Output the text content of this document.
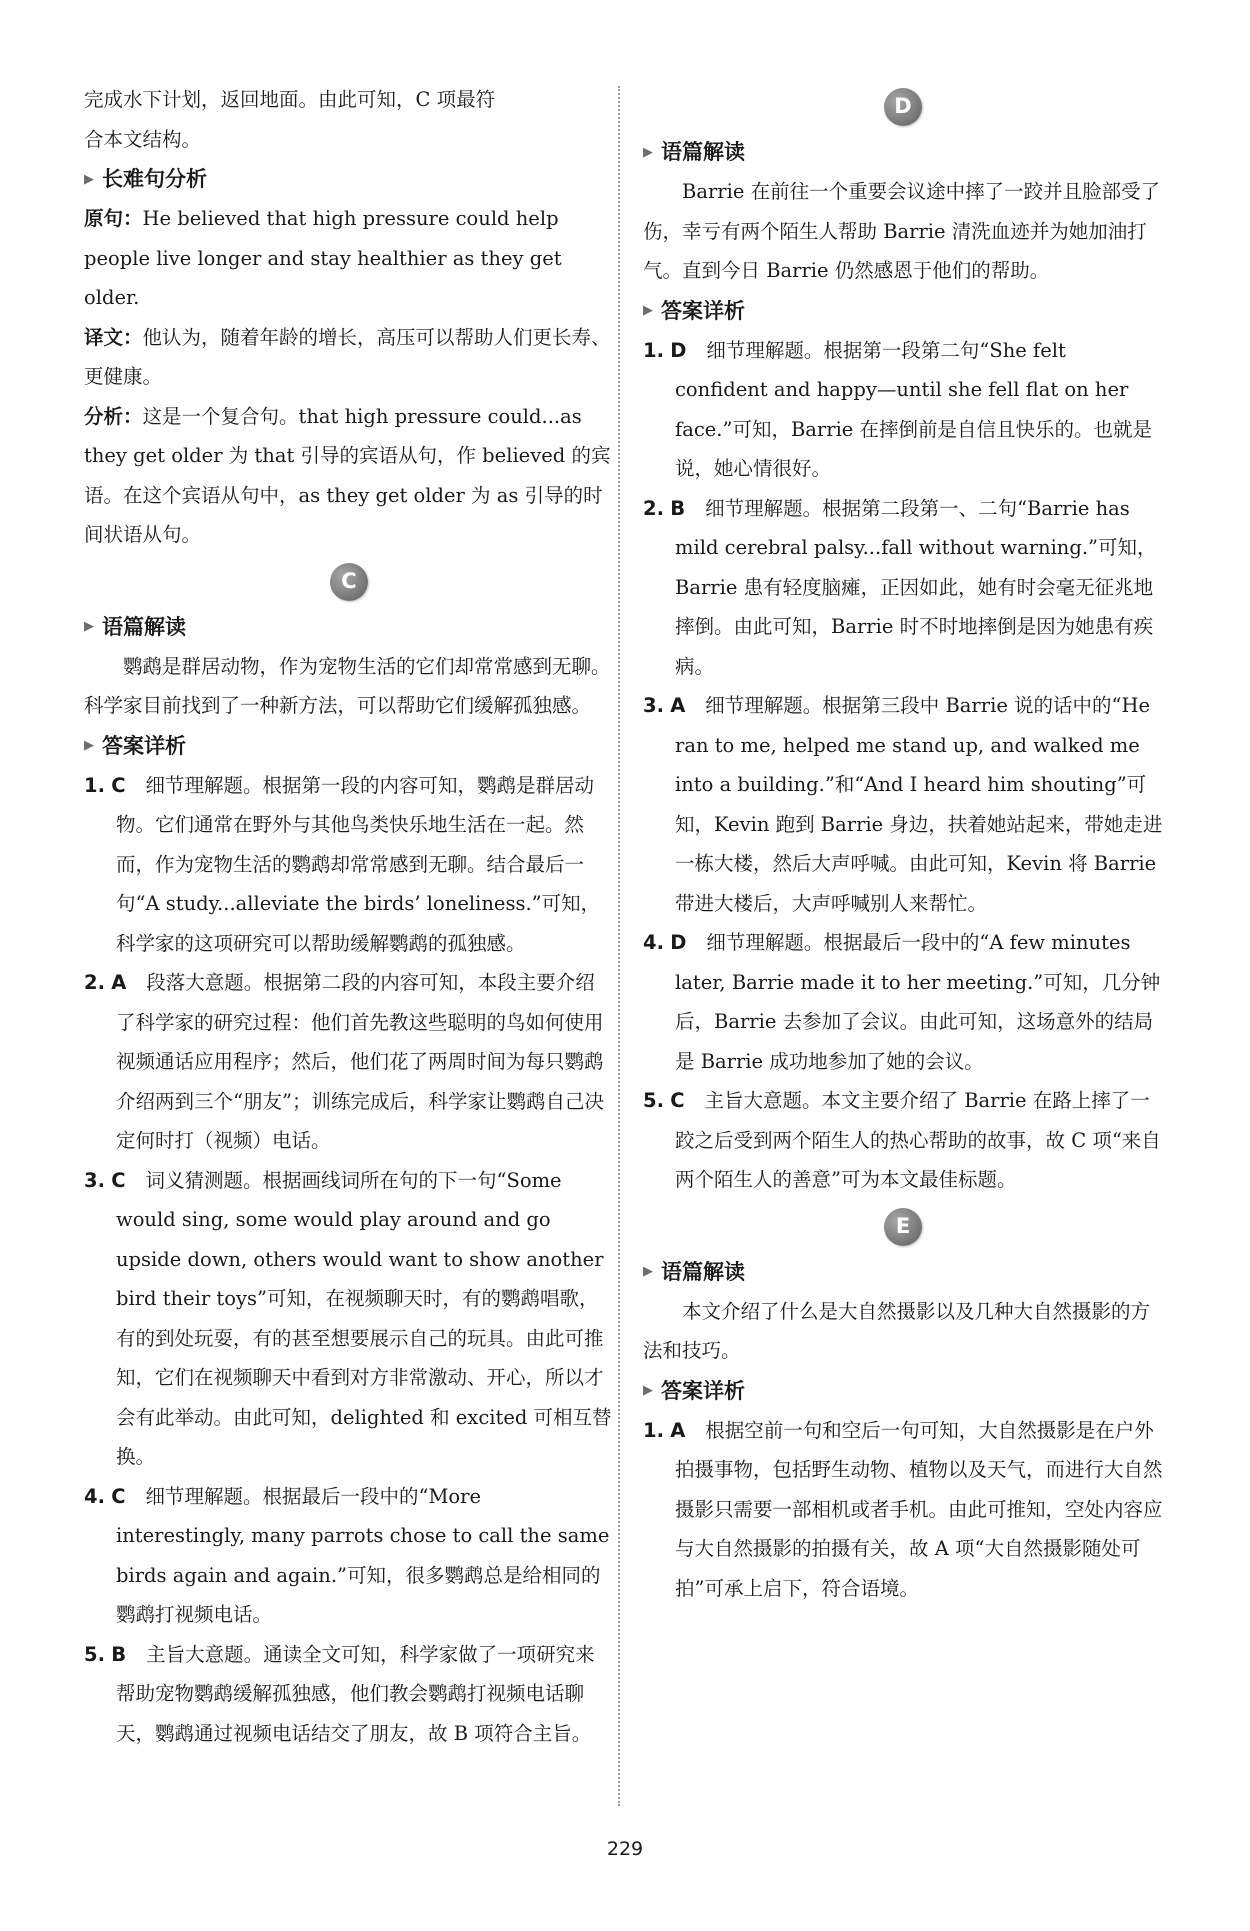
完成水下计划，返回地面。由此可知，C 项最符

合本文结构。

▶ 长难句分析

原句：He believed that high pressure could help people live longer and stay healthier as they get older.

译文：他认为，随着年龄的增长，高压可以帮助人们更长寿、更健康。

分析：这是一个复合句。that high pressure could...as they get older 为 that 引导的宾语从句，作 believed 的宾语。在这个宾语从句中，as they get older 为 as 引导的时间状语从句。

C
▶ 语篇解读

鹦鹉是群居动物，作为宠物生活的它们却常常感到无聊。科学家目前找到了一种新方法，可以帮助它们缓解孤独感。

▶ 答案详析

1. C 细节理解题。根据第一段的内容可知，鹦鹉是群居动物。它们通常在野外与其他鸟类快乐地生活在一起。然而，作为宠物生活的鹦鹉却常常感到无聊。结合最后一句“A study...alleviate the birds’ loneliness.”可知，科学家的这项研究可以帮助缓解鹦鹉的孤独感。

2. A 段落大意题。根据第二段的内容可知，本段主要介绍了科学家的研究过程：他们首先教这些聪明的鸟如何使用视频通话应用程序；然后，他们花了两周时间为每只鹦鹉介绍两到三个“朋友”；训练完成后，科学家让鹦鹉自己决定何时打（视频）电话。

3. C 词义猜测题。根据画线词所在句的下一句“Some would sing, some would play around and go upside down, others would want to show another bird their toys”可知，在视频聊天时，有的鹦鹉唱歌，有的到处玩耍，有的甚至想要展示自己的玩具。由此可推知，它们在视频聊天中看到对方非常激动、开心，所以才会有此举动。由此可知，delighted 和 excited 可相互替换。

4. C 细节理解题。根据最后一段中的“More interestingly, many parrots chose to call the same birds again and again.”可知，很多鹦鹉总是给相同的鹦鹉打视频电话。

5. B 主旨大意题。通读全文可知，科学家做了一项研究来帮助宠物鹦鹉缓解孤独感，他们教会鹦鹉打视频电话聊天，鹦鹉通过视频电话结交了朋友，故 B 项符合主旨。

D
▶ 语篇解读

Barrie 在前往一个重要会议途中摔了一跤并且脸部受了伤，幸亏有两个陌生人帮助 Barrie 清洗血迹并为她加油打气。直到今日 Barrie 仍然感恩于他们的帮助。

▶ 答案详析

1. D 细节理解题。根据第一段第二句“She felt confident and happy—until she fell flat on her face.”可知，Barrie 在摔倒前是自信且快乐的。也就是说，她心情很好。

2. B 细节理解题。根据第二段第一、二句“Barrie has mild cerebral palsy...fall without warning.”可知，Barrie 患有轻度脑瘫，正因如此，她有时会毫无征兆地摔倒。由此可知，Barrie 时不时地摔倒是因为她患有疾病。

3. A 细节理解题。根据第三段中 Barrie 说的话中的“He ran to me, helped me stand up, and walked me into a building.”和“And I heard him shouting”可知，Kevin 跑到 Barrie 身边，扶着她站起来，带她走进一栋大楼，然后大声呼喊。由此可知，Kevin 将 Barrie 带进大楼后，大声呼喊别人来帮忙。

4. D 细节理解题。根据最后一段中的“A few minutes later, Barrie made it to her meeting.”可知，几分钟后，Barrie 去参加了会议。由此可知，这场意外的结局是 Barrie 成功地参加了她的会议。

5. C 主旨大意题。本文主要介绍了 Barrie 在路上摔了一跤之后受到两个陌生人的热心帮助的故事，故 C 项“来自两个陌生人的善意”可为本文最佳标题。

E
▶ 语篇解读

本文介绍了什么是大自然摄影以及几种大自然摄影的方法和技巧。

▶ 答案详析

1. A 根据空前一句和空后一句可知，大自然摄影是在户外拍摄事物，包括野生动物、植物以及天气，而进行大自然摄影只需要一部相机或者手机。由此可推知，空处内容应与大自然摄影的拍摄有关，故 A 项“大自然摄影随处可拍”可承上启下，符合语境。

229
